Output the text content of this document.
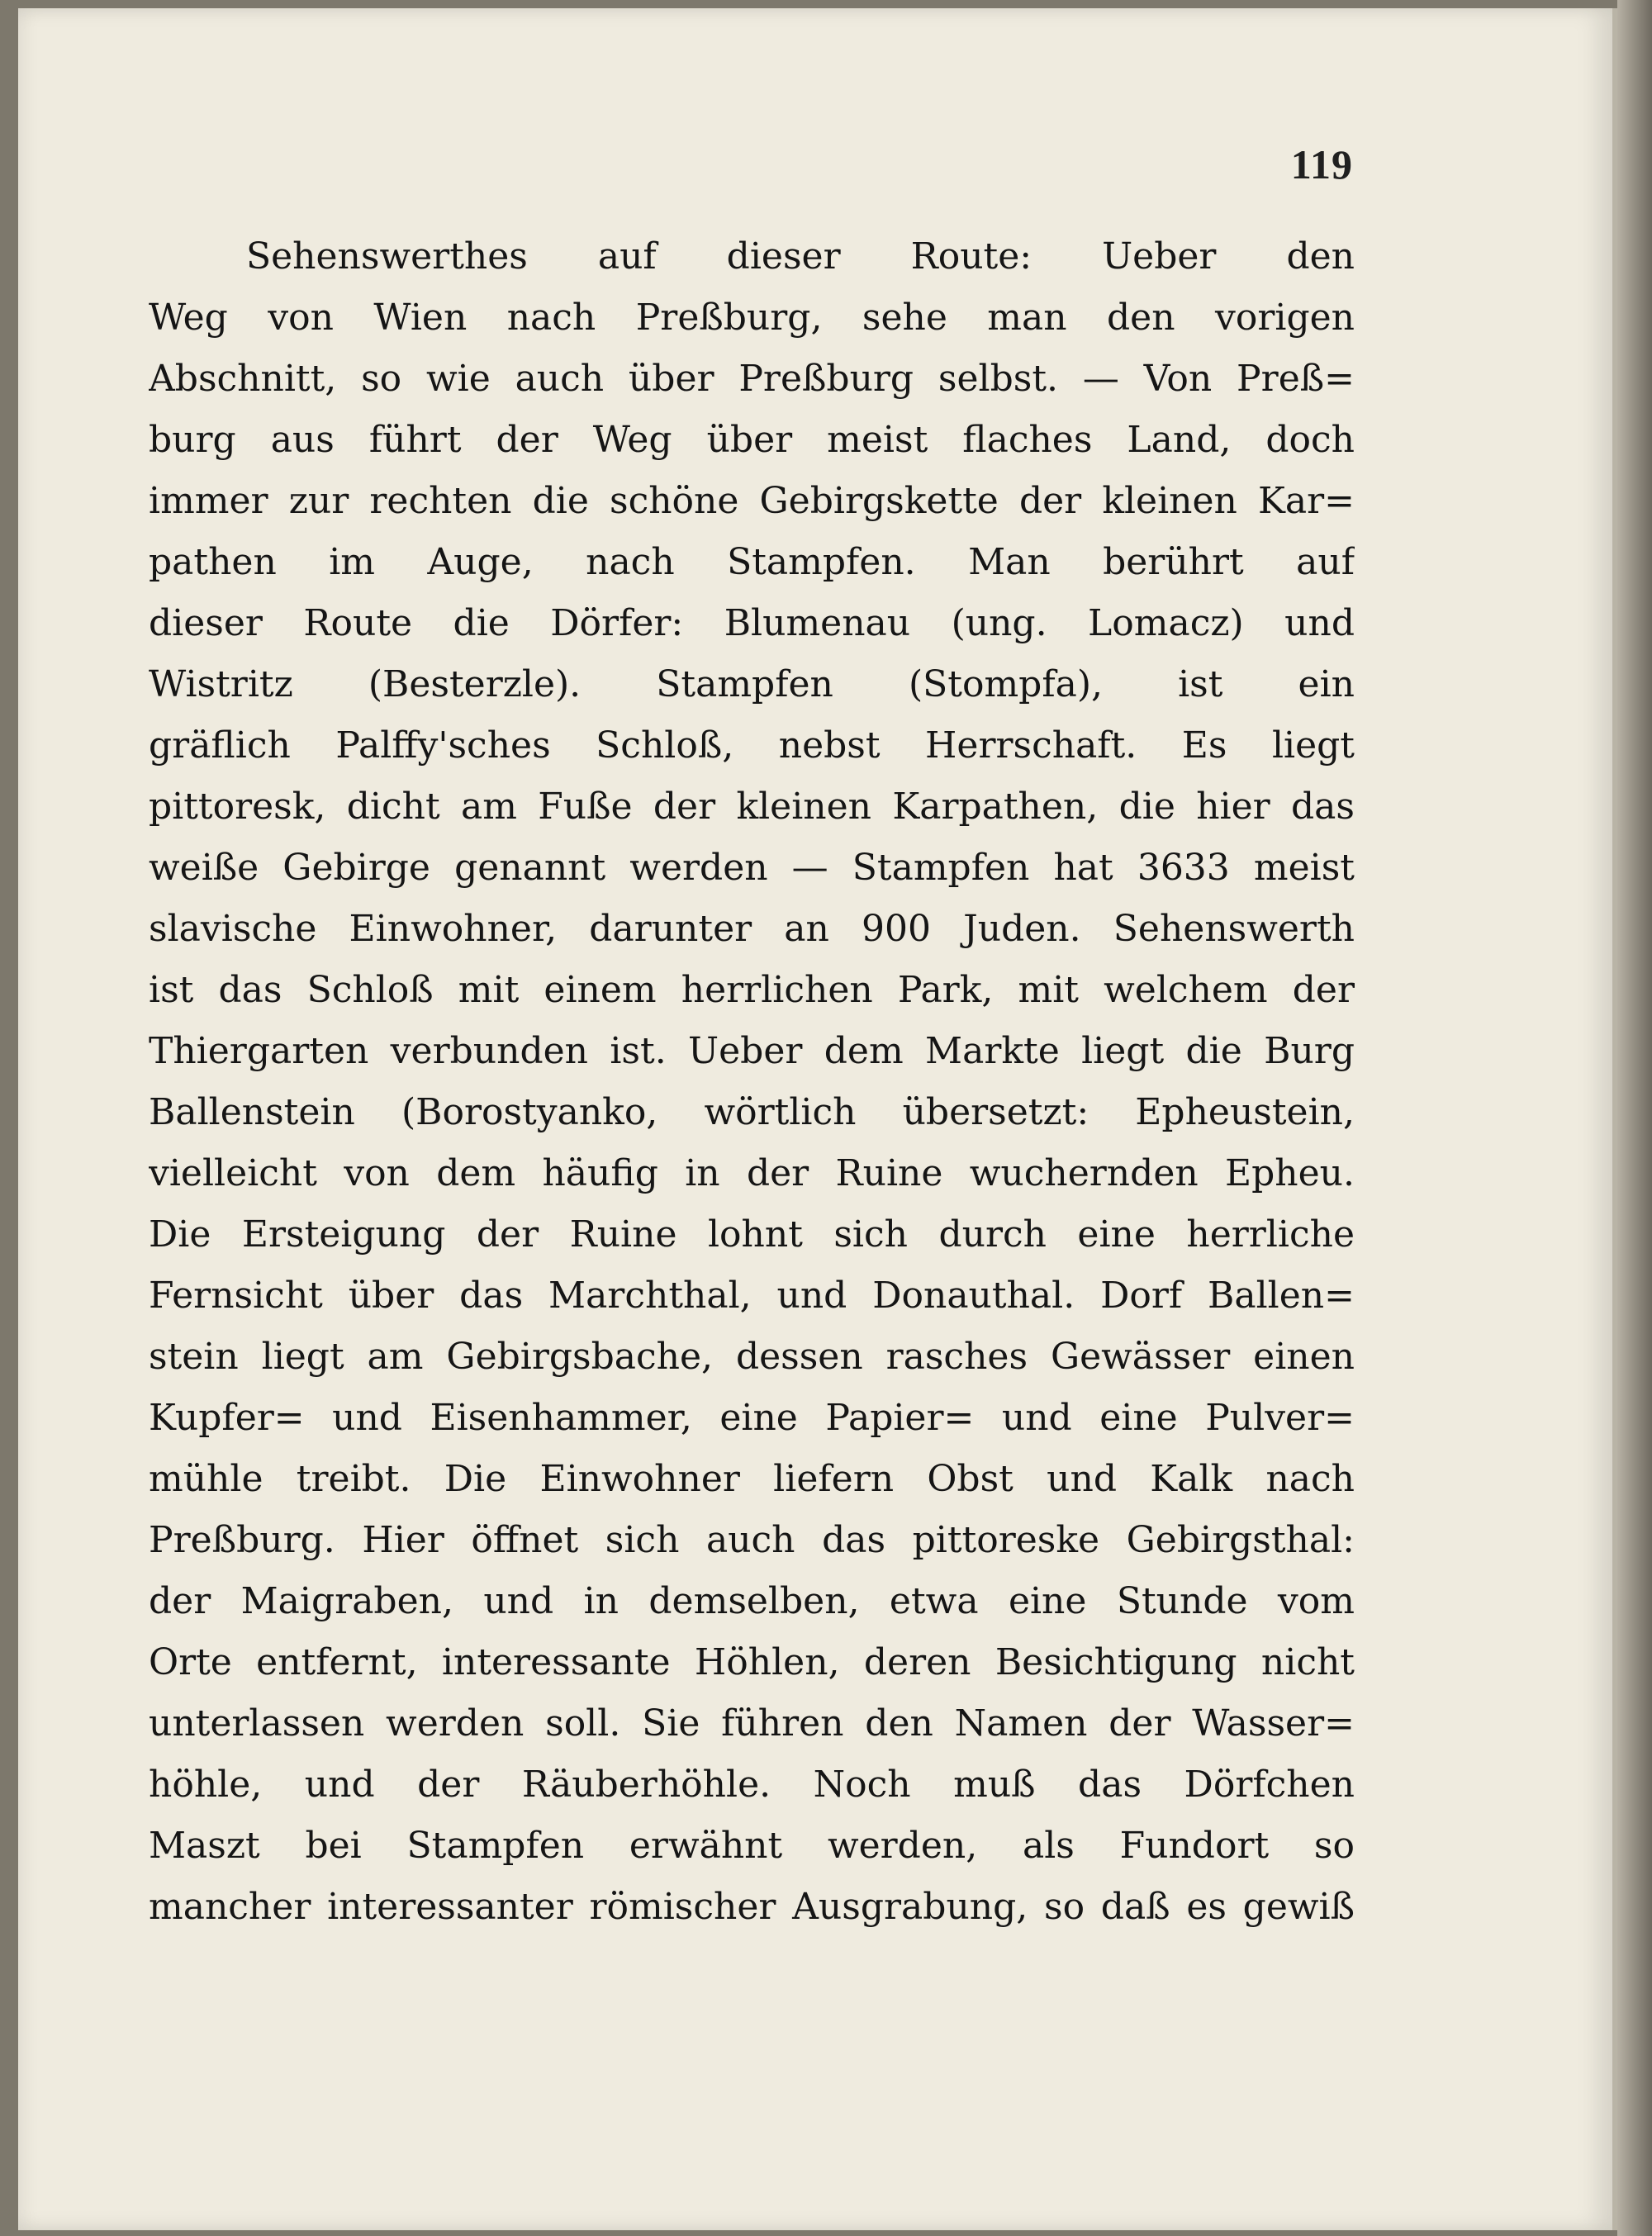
119
Sehenswerthes auf dieser Route: Ueber den
Weg von Wien nach Preßburg, sehe man den vorigen
Abschnitt, so wie auch über Preßburg selbst. — Von Preß=
burg aus führt der Weg über meist flaches Land, doch
immer zur rechten die schöne Gebirgskette der kleinen Kar=
pathen im Auge, nach Stampfen. Man berührt auf
dieser Route die Dörfer: Blumenau (ung. Lomacz) und
Wistritz (Besterzle). Stampfen (Stompfa), ist ein
gräflich Palffy'sches Schloß, nebst Herrschaft. Es liegt
pittoresk, dicht am Fuße der kleinen Karpathen, die hier das
weiße Gebirge genannt werden — Stampfen hat 3633 meist
slavische Einwohner, darunter an 900 Juden. Sehenswerth
ist das Schloß mit einem herrlichen Park, mit welchem der
Thiergarten verbunden ist. Ueber dem Markte liegt die Burg
Ballenstein (Borostyanko, wörtlich übersetzt: Epheustein,
vielleicht von dem häufig in der Ruine wuchernden Epheu.
Die Ersteigung der Ruine lohnt sich durch eine herrliche
Fernsicht über das Marchthal, und Donauthal. Dorf Ballen=
stein liegt am Gebirgsbache, dessen rasches Gewässer einen
Kupfer= und Eisenhammer, eine Papier= und eine Pulver=
mühle treibt. Die Einwohner liefern Obst und Kalk nach
Preßburg. Hier öffnet sich auch das pittoreske Gebirgsthal:
der Maigraben, und in demselben, etwa eine Stunde vom
Orte entfernt, interessante Höhlen, deren Besichtigung nicht
unterlassen werden soll. Sie führen den Namen der Wasser=
höhle, und der Räuberhöhle. Noch muß das Dörfchen
Maszt bei Stampfen erwähnt werden, als Fundort so
mancher interessanter römischer Ausgrabung, so daß es gewiß
